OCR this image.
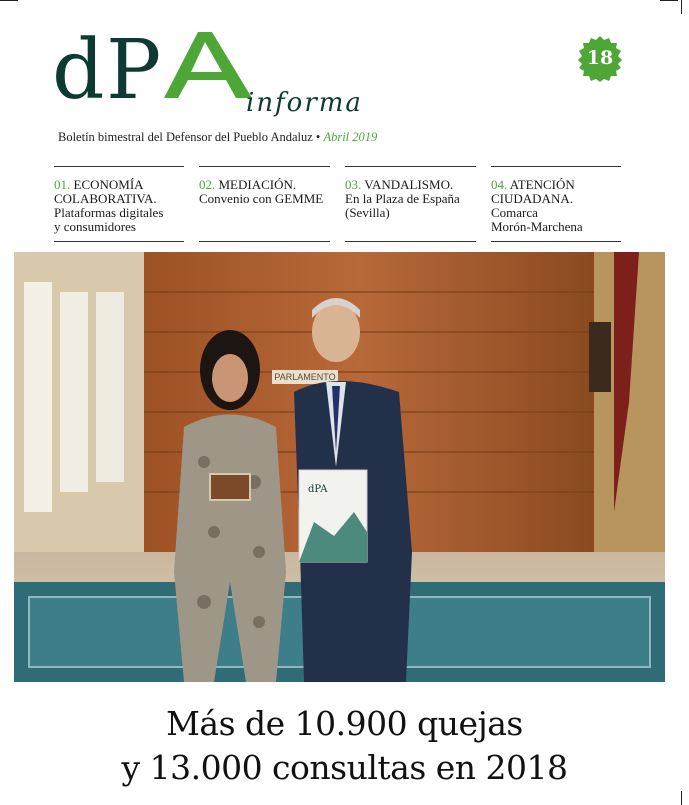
d P	informa
18
Boletín bimestral del Defensor del Pueblo Andaluz • Abril 2019
01. ECONOMÍA
COLABORATIVA.
Plataformas digitales
y consumidores
02. MEDIACIÓN.
Convenio con GEMME
03. VANDALISMO.
En la Plaza de España
(Sevilla)
04. ATENCIÓN
CIUDADANA.
Comarca
Morón-Marchena
PARLAMENTO
dPA
Más de 10.900 quejas
y 13.000 consultas en 2018
